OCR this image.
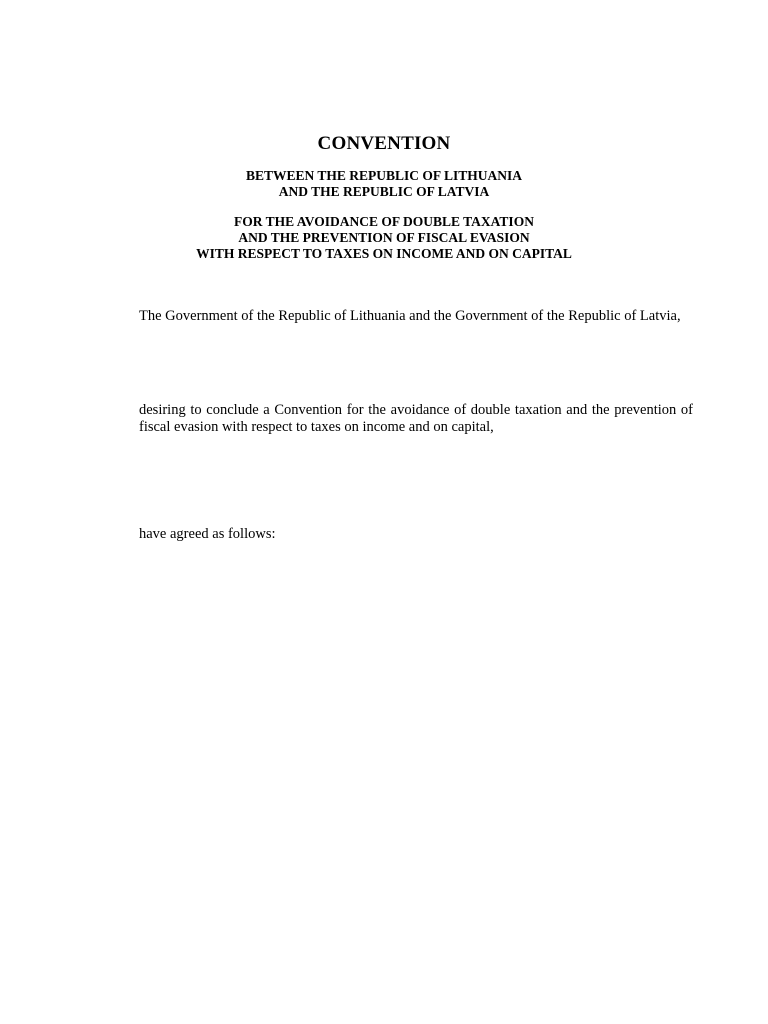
CONVENTION
BETWEEN THE REPUBLIC OF LITHUANIA
AND THE REPUBLIC OF LATVIA
FOR THE AVOIDANCE OF DOUBLE TAXATION
AND THE PREVENTION OF FISCAL EVASION
WITH RESPECT TO TAXES ON INCOME AND ON CAPITAL

The Government of the Republic of Lithuania and the Government of the Republic of Latvia,

desiring to conclude a Convention for the avoidance of double taxation and the prevention of fiscal evasion with respect to taxes on income and on capital,

have agreed as follows:
